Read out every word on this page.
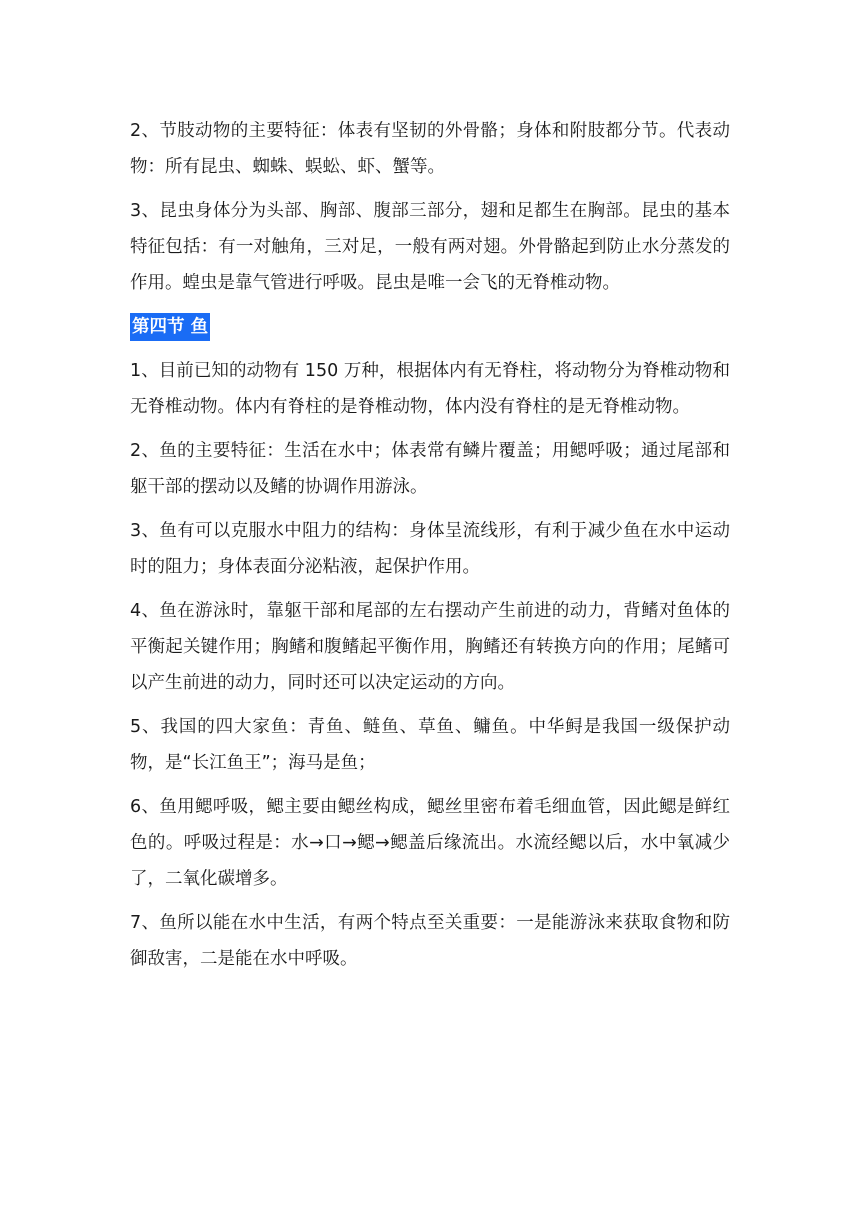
2、节肢动物的主要特征：体表有坚韧的外骨骼；身体和附肢都分节。代表动物：所有昆虫、蜘蛛、蜈蚣、虾、蟹等。

3、昆虫身体分为头部、胸部、腹部三部分，翅和足都生在胸部。昆虫的基本特征包括：有一对触角，三对足，一般有两对翅。外骨骼起到防止水分蒸发的作用。蝗虫是靠气管进行呼吸。昆虫是唯一会飞的无脊椎动物。

第四节 鱼

1、目前已知的动物有 150 万种，根据体内有无脊柱，将动物分为脊椎动物和无脊椎动物。体内有脊柱的是脊椎动物，体内没有脊柱的是无脊椎动物。

2、鱼的主要特征：生活在水中；体表常有鳞片覆盖；用鳃呼吸；通过尾部和躯干部的摆动以及鳍的协调作用游泳。

3、鱼有可以克服水中阻力的结构：身体呈流线形，有利于减少鱼在水中运动时的阻力；身体表面分泌粘液，起保护作用。

4、鱼在游泳时，靠躯干部和尾部的左右摆动产生前进的动力，背鳍对鱼体的平衡起关键作用；胸鳍和腹鳍起平衡作用，胸鳍还有转换方向的作用；尾鳍可以产生前进的动力，同时还可以决定运动的方向。

5、我国的四大家鱼：青鱼、鲢鱼、草鱼、鳙鱼。中华鲟是我国一级保护动物，是“长江鱼王”；海马是鱼；

6、鱼用鳃呼吸，鳃主要由鳃丝构成，鳃丝里密布着毛细血管，因此鳃是鲜红色的。呼吸过程是：水→口→鳃→鳃盖后缘流出。水流经鳃以后，水中氧减少了，二氧化碳增多。

7、鱼所以能在水中生活，有两个特点至关重要：一是能游泳来获取食物和防御敌害，二是能在水中呼吸。
